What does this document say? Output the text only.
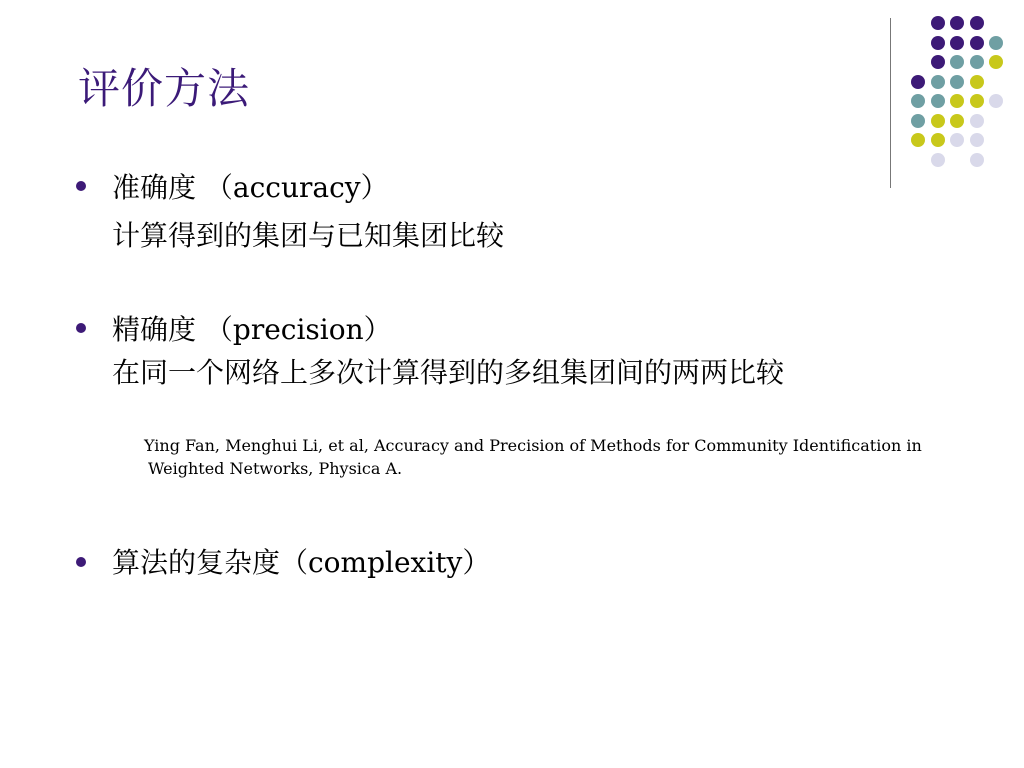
评价方法
准确度 （accuracy）
计算得到的集团与已知集团比较
精确度 （precision）
在同一个网络上多次计算得到的多组集团间的两两比较
Ying Fan, Menghui Li, et al, Accuracy and Precision of Methods for Community Identification in
Weighted Networks, Physica A.
算法的复杂度（complexity）
